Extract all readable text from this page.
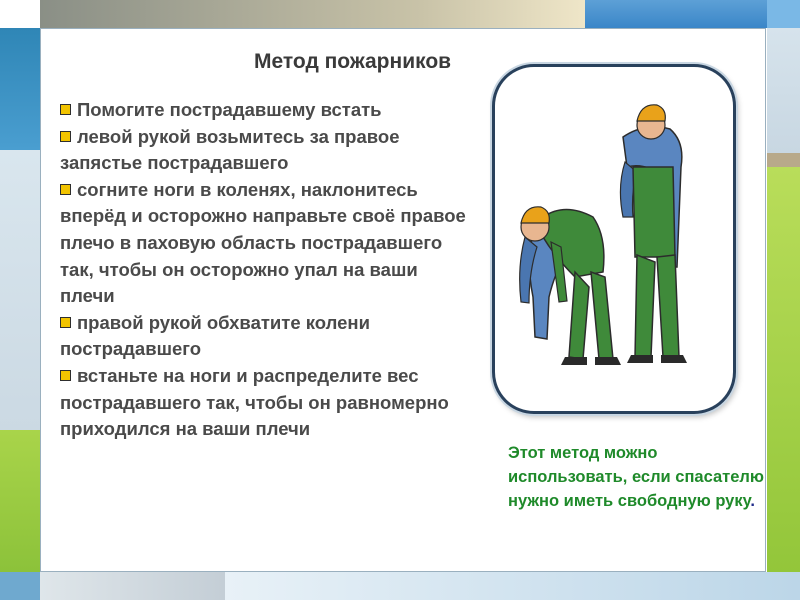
Метод пожарников
Помогите пострадавшему встать
левой рукой возьмитесь за правое запястье пострадавшего
согните ноги в коленях, наклонитесь вперёд и осторожно направьте своё правое плечо в паховую область пострадавшего так, чтобы он осторожно упал на ваши плечи
правой рукой обхватите колени пострадавшего
встаньте на ноги и распределите вес пострадавшего так, чтобы он равномерно приходился на ваши плечи

Этот метод можно использовать, если спасателю нужно иметь свободную руку.
